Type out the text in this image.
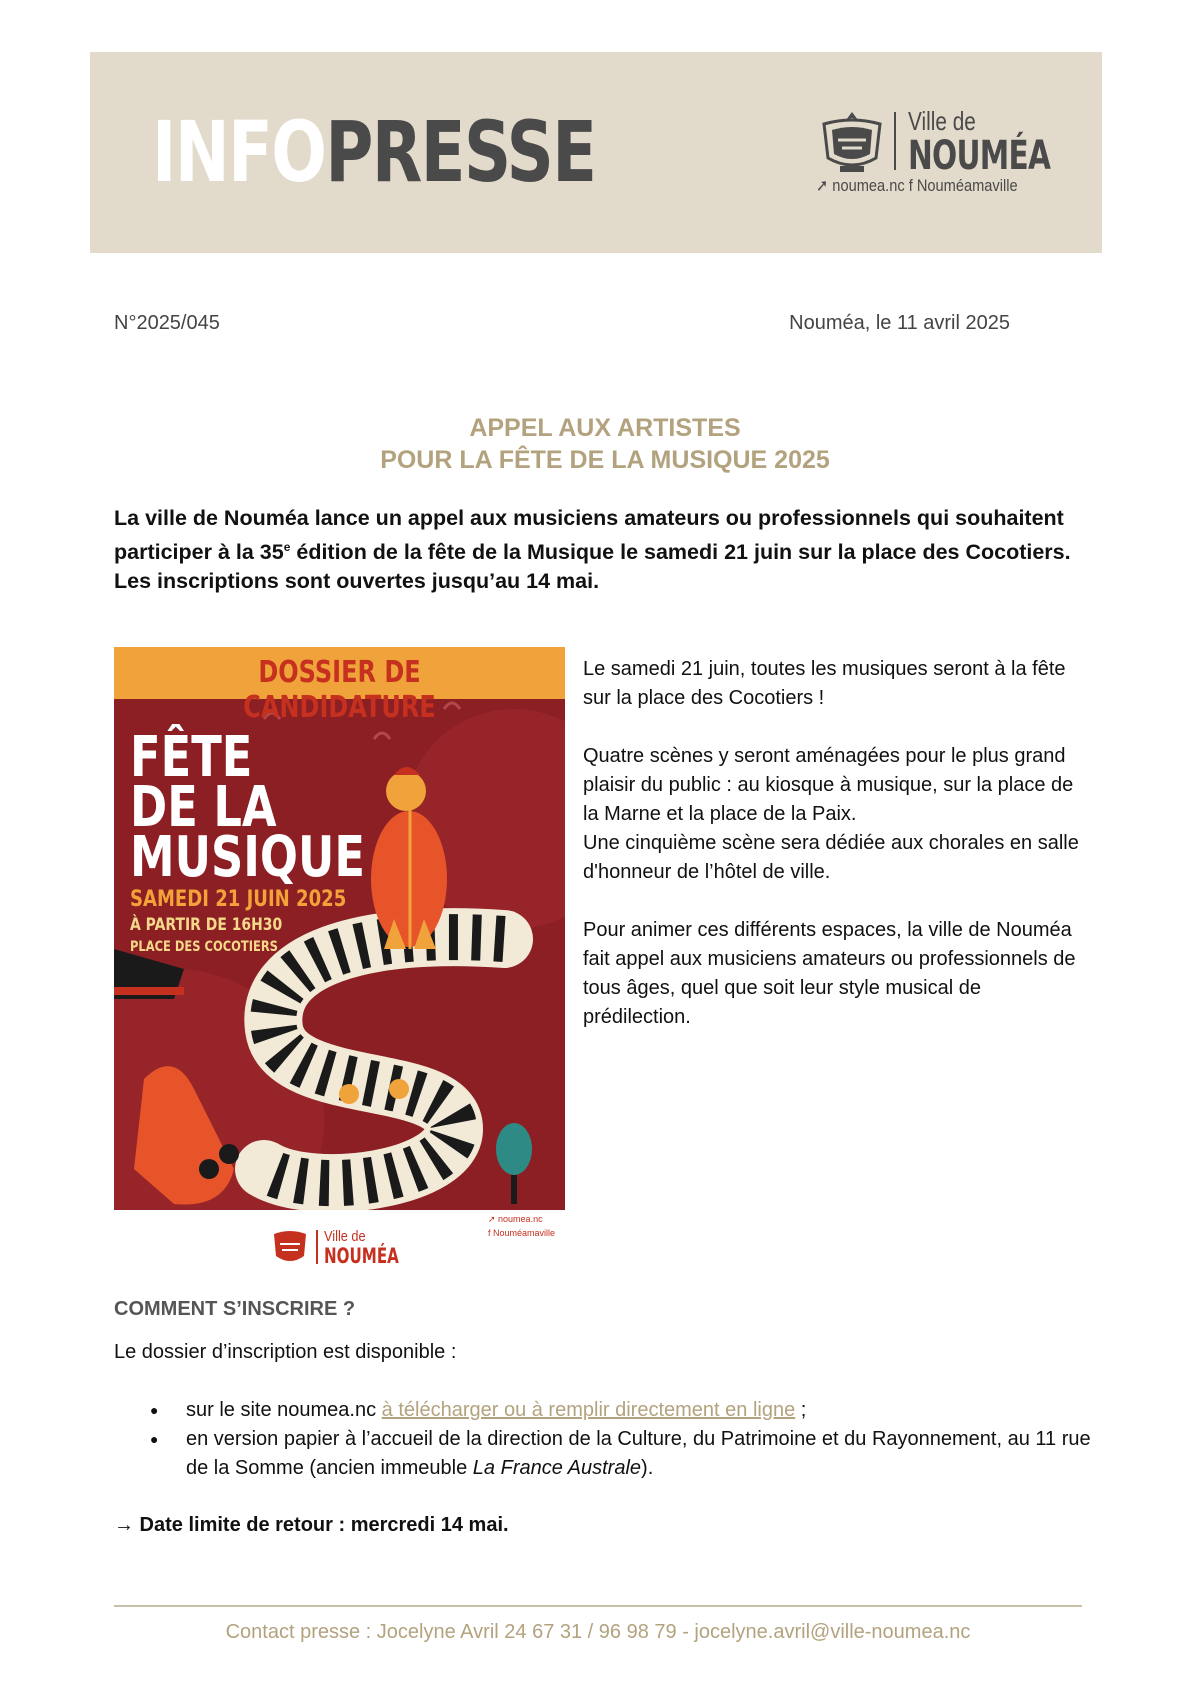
INFOPRESSE	Ville de
NOUMÉA
➚ noumea.nc f Nouméamaville
N°2025/045	Nouméa, le 11 avril 2025
APPEL AUX ARTISTES
POUR LA FÊTE DE LA MUSIQUE 2025
La ville de Nouméa lance un appel aux musiciens amateurs ou professionnels qui souhaitent participer à la 35e édition de la fête de la Musique le samedi 21 juin sur la place des Cocotiers. Les inscriptions sont ouvertes jusqu’au 14 mai.
DOSSIER DE CANDIDATURE
FÊTE
DE LA
MUSIQUE
SAMEDI 21 JUIN 2025
À PARTIR DE 16H30
PLACE DES COCOTIERS
Ville de
NOUMÉA
➚ noumea.nc
f Nouméamaville

Le samedi 21 juin, toutes les musiques seront à la fête sur la place des Cocotiers !

Quatre scènes y seront aménagées pour le plus grand plaisir du public : au kiosque à musique, sur la place de la Marne et la place de la Paix.

Une cinquième scène sera dédiée aux chorales en salle d'honneur de l’hôtel de ville.

Pour animer ces différents espaces, la ville de Nouméa fait appel aux musiciens amateurs ou professionnels de tous âges, quel que soit leur style musical de prédilection.

COMMENT S’INSCRIRE ?
Le dossier d’inscription est disponible :
● sur le site noumea.nc à télécharger ou à remplir directement en ligne ;
● en version papier à l’accueil de la direction de la Culture, du Patrimoine et du Rayonnement, au 11 rue de la Somme (ancien immeuble La France Australe).
→ Date limite de retour : mercredi 14 mai.
Contact presse : Jocelyne Avril 24 67 31 / 96 98 79 - jocelyne.avril@ville-noumea.nc
